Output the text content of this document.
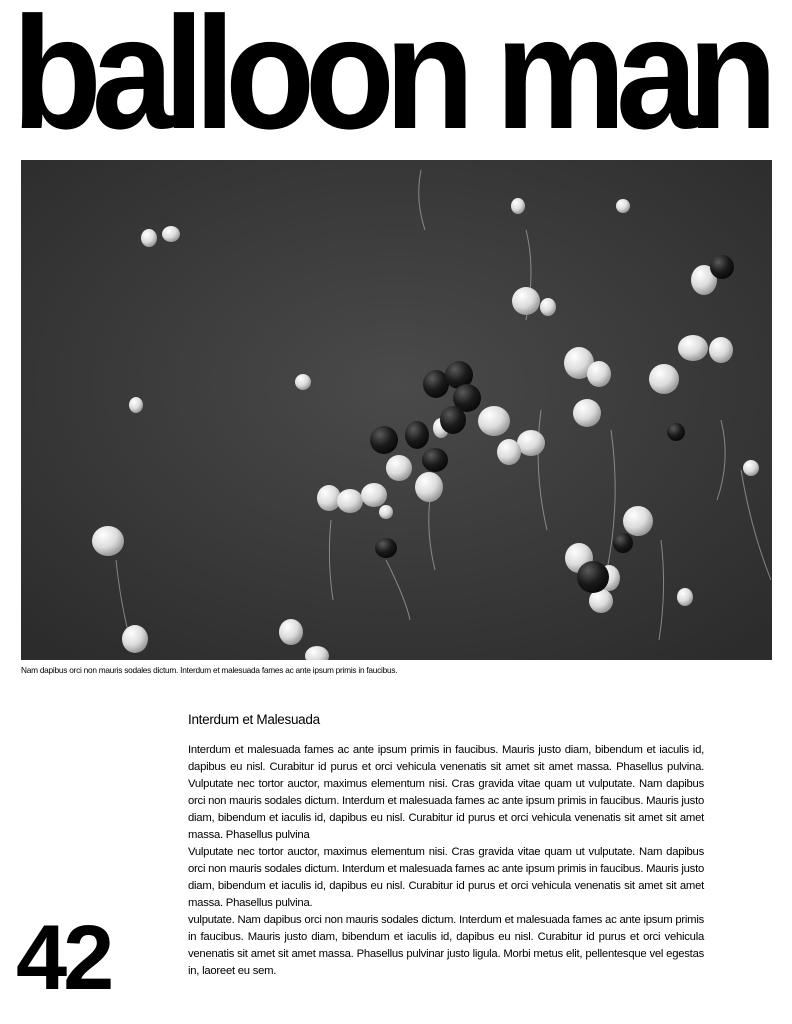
balloon man
Nam dapibus orci non mauris sodales dictum. Interdum et malesuada fames ac ante ipsum primis in faucibus.
Interdum et Malesuada

Interdum et malesuada fames ac ante ipsum primis in faucibus. Mauris justo diam, bibendum et iaculis id, dapibus eu nisl. Curabitur id purus et orci vehicula venenatis sit amet sit amet massa. Phasellus pulvina. Vulputate nec tortor auctor, maximus elementum nisi. Cras gravida vitae quam ut vulputate. Nam dapibus orci non mauris sodales dictum. Interdum et malesuada fames ac ante ipsum primis in faucibus. Mauris justo diam, bibendum et iaculis id, dapibus eu nisl. Curabitur id purus et orci vehicula venenatis sit amet sit amet massa. Phasellus pulvina

Vulputate nec tortor auctor, maximus elementum nisi. Cras gravida vitae quam ut vulputate. Nam dapibus orci non mauris sodales dictum. Interdum et malesuada fames ac ante ipsum primis in faucibus. Mauris justo diam, bibendum et iaculis id, dapibus eu nisl. Curabitur id purus et orci vehicula venenatis sit amet sit amet massa. Phasellus pulvina.

vulputate. Nam dapibus orci non mauris sodales dictum. Interdum et malesuada fames ac ante ipsum primis in faucibus. Mauris justo diam, bibendum et iaculis id, dapibus eu nisl. Curabitur id purus et orci vehicula venenatis sit amet sit amet massa. Phasellus pulvinar justo ligula. Morbi metus elit, pellentesque vel egestas in, laoreet eu sem.

42
